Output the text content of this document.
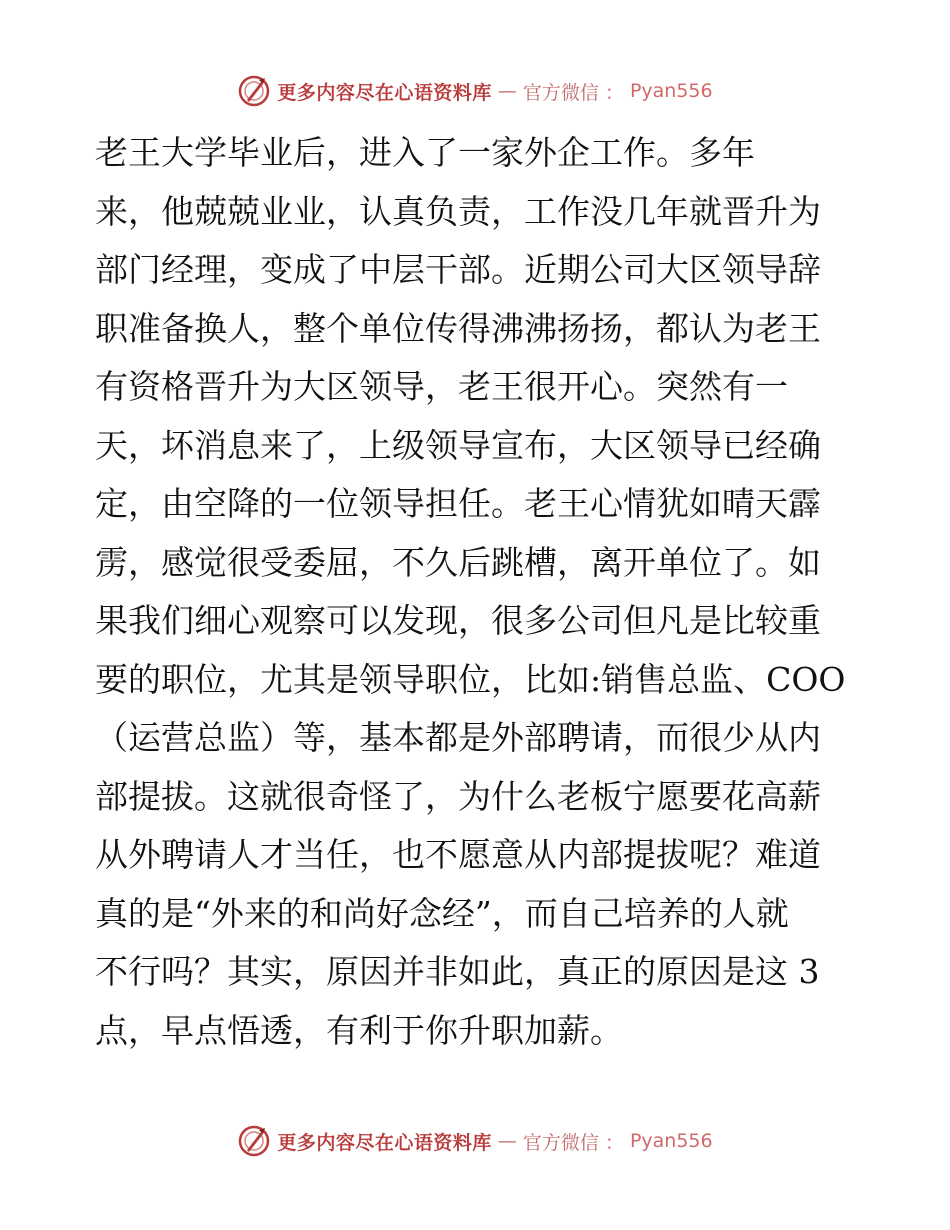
更多内容尽在心语资料库 — 官方微信 ： Pyan556
老王大学毕业后，进入了一家外企工作。多年
来，他兢兢业业，认真负责，工作没几年就晋升为
部门经理，变成了中层干部。近期公司大区领导辞
职准备换人，整个单位传得沸沸扬扬，都认为老王
有资格晋升为大区领导，老王很开心。突然有一
天，坏消息来了，上级领导宣布，大区领导已经确
定，由空降的一位领导担任。老王心情犹如晴天霹
雳，感觉很受委屈，不久后跳槽，离开单位了。如
果我们细心观察可以发现，很多公司但凡是比较重
要的职位，尤其是领导职位，比如:销售总监、COO
（运营总监）等，基本都是外部聘请，而很少从内
部提拔。这就很奇怪了，为什么老板宁愿要花高薪
从外聘请人才当任，也不愿意从内部提拔呢？难道
真的是“外来的和尚好念经”，而自己培养的人就
不行吗？其实，原因并非如此，真正的原因是这 3
点，早点悟透，有利于你升职加薪。
更多内容尽在心语资料库 — 官方微信 ： Pyan556
